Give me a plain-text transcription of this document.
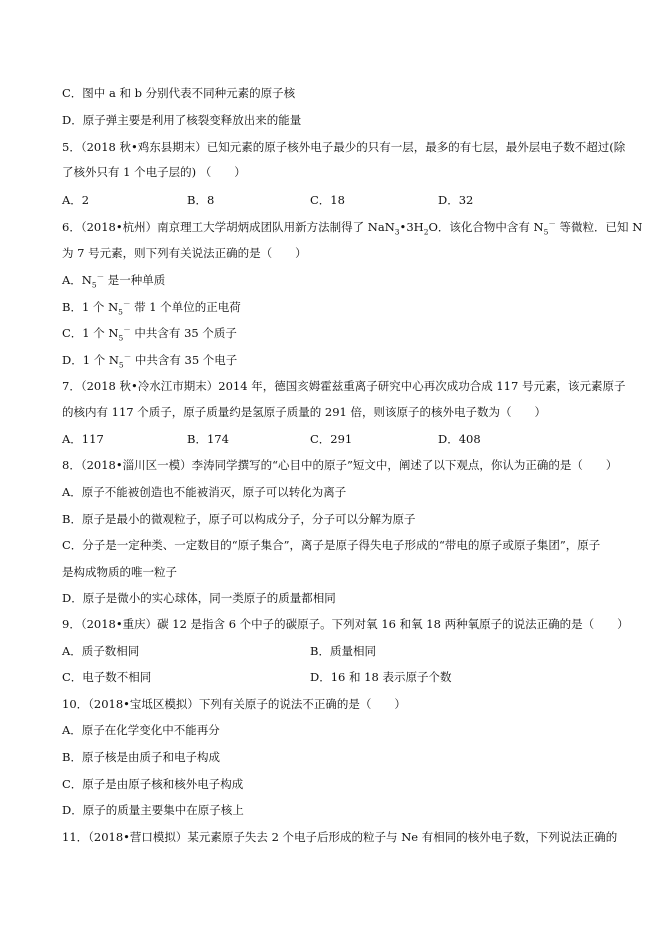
C．图中 a 和 b 分别代表不同种元素的原子核
D．原子弹主要是利用了核裂变释放出来的能量
5．（2018 秋•鸡东县期末）已知元素的原子核外电子最少的只有一层，最多的有七层，最外层电子数不超过(除
了核外只有 1 个电子层的) （　　）
A．2	B．8	C．18	D．32
6．（2018•杭州）南京理工大学胡炳成团队用新方法制得了 $NaN_3•3H_2O$．该化合物中含有 $N_5^-$ 等微粒．已知 N
为 7 号元素，则下列有关说法正确的是（　　）
A．$N_5^-$ 是一种单质
B．1 个 $N_5^-$ 带 1 个单位的正电荷
C．1 个 $N_5^-$ 中共含有 35 个质子
D．1 个 $N_5^-$ 中共含有 35 个电子
7．（2018 秋•冷水江市期末）2014 年，德国亥姆霍兹重离子研究中心再次成功合成 117 号元素，该元素原子
的核内有 117 个质子，原子质量约是氢原子质量的 291 倍，则该原子的核外电子数为（　　）
A．117	B．174	C．291	D．408
8．（2018•淄川区一模）李涛同学撰写的“心目中的原子”短文中，阐述了以下观点，你认为正确的是（　　）
A．原子不能被创造也不能被消灭，原子可以转化为离子
B．原子是最小的微观粒子，原子可以构成分子，分子可以分解为原子
C．分子是一定种类、一定数目的“原子集合”，离子是原子得失电子形成的“带电的原子或原子集团”，原子
是构成物质的唯一粒子
D．原子是微小的实心球体，同一类原子的质量都相同
9．（2018•重庆）碳 12 是指含 6 个中子的碳原子。下列对氧 16 和氧 18 两种氧原子的说法正确的是（　　）
A．质子数相同	B．质量相同
C．电子数不相同	D．16 和 18 表示原子个数
10．（2018•宝坻区模拟）下列有关原子的说法不正确的是（　　）
A．原子在化学变化中不能再分
B．原子核是由质子和电子构成
C．原子是由原子核和核外电子构成
D．原子的质量主要集中在原子核上
11．（2018•营口模拟）某元素原子失去 2 个电子后形成的粒子与 Ne 有相同的核外电子数，下列说法正确的
